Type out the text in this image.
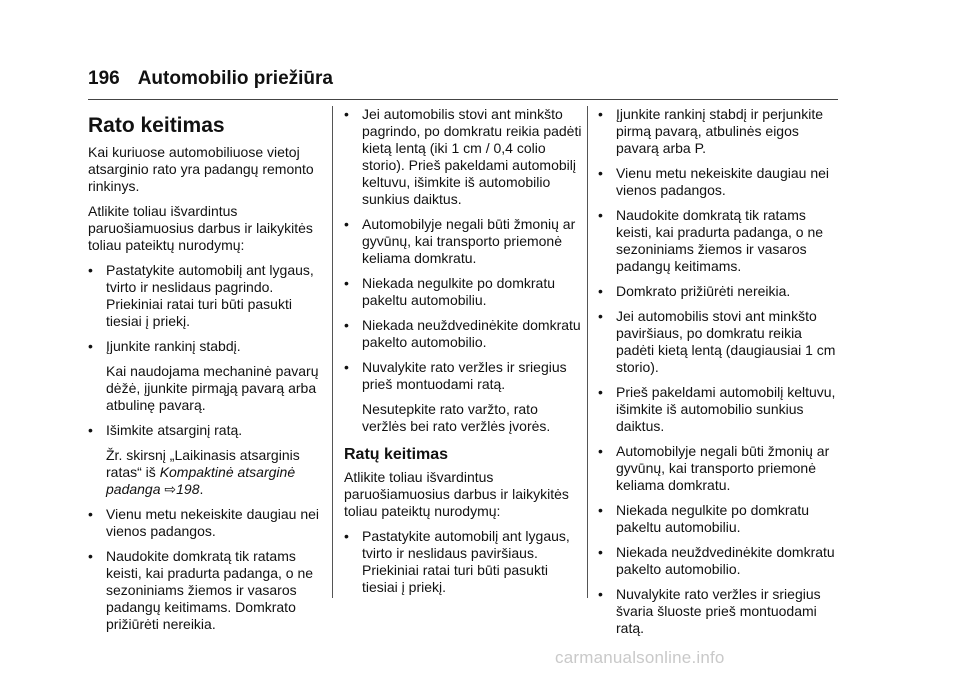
196 Automobilio priežiūra
Rato keitimas

Kai kuriuose automobiliuose vietoj atsarginio rato yra padangų remonto rinkinys.

Atlikite toliau išvardintus paruošiamuosius darbus ir laikykitės toliau pateiktų nurodymų:

• Pastatykite automobilį ant lygaus, tvirto ir neslidaus pagrindo. Priekiniai ratai turi būti pasukti tiesiai į priekį.
• Įjunkite rankinį stabdį.

Kai naudojama mechaninė pavarų dėžė, įjunkite pirmąją pavarą arba atbulinę pavarą.

• Išimkite atsarginį ratą.

Žr. skirsnį „Laikinasis atsarginis ratas“ iš Kompaktinė atsarginė padanga ⇨198.

• Vienu metu nekeiskite daugiau nei vienos padangos.
• Naudokite domkratą tik ratams keisti, kai pradurta padanga, o ne sezoniniams žiemos ir vasaros padangų keitimams. Domkrato prižiūrėti nereikia.
• Jei automobilis stovi ant minkšto pagrindo, po domkratu reikia padėti kietą lentą (iki 1 cm / 0,4 colio storio). Prieš pakeldami automobilį keltuvu, išimkite iš automobilio sunkius daiktus.
• Automobilyje negali būti žmonių ar gyvūnų, kai transporto priemonė keliama domkratu.
• Niekada negulkite po domkratu pakeltu automobiliu.
• Niekada neuždvedinėkite domkratu pakelto automobilio.
• Nuvalykite rato veržles ir sriegius prieš montuodami ratą.

Nesutepkite rato varžto, rato veržlės bei rato veržlės įvorės.

Ratų keitimas

Atlikite toliau išvardintus paruošiamuosius darbus ir laikykitės toliau pateiktų nurodymų:

• Pastatykite automobilį ant lygaus, tvirto ir neslidaus paviršiaus. Priekiniai ratai turi būti pasukti tiesiai į priekį.
• Įjunkite rankinį stabdį ir perjunkite pirmą pavarą, atbulinės eigos pavarą arba P.
• Vienu metu nekeiskite daugiau nei vienos padangos.
• Naudokite domkratą tik ratams keisti, kai pradurta padanga, o ne sezoniniams žiemos ir vasaros padangų keitimams.
• Domkrato prižiūrėti nereikia.
• Jei automobilis stovi ant minkšto paviršiaus, po domkratu reikia padėti kietą lentą (daugiausiai 1 cm storio).
• Prieš pakeldami automobilį keltuvu, išimkite iš automobilio sunkius daiktus.
• Automobilyje negali būti žmonių ar gyvūnų, kai transporto priemonė keliama domkratu.
• Niekada negulkite po domkratu pakeltu automobiliu.
• Niekada neuždvedinėkite domkratu pakelto automobilio.
• Nuvalykite rato veržles ir sriegius švaria šluoste prieš montuodami ratą.
carmanualsonline.info
